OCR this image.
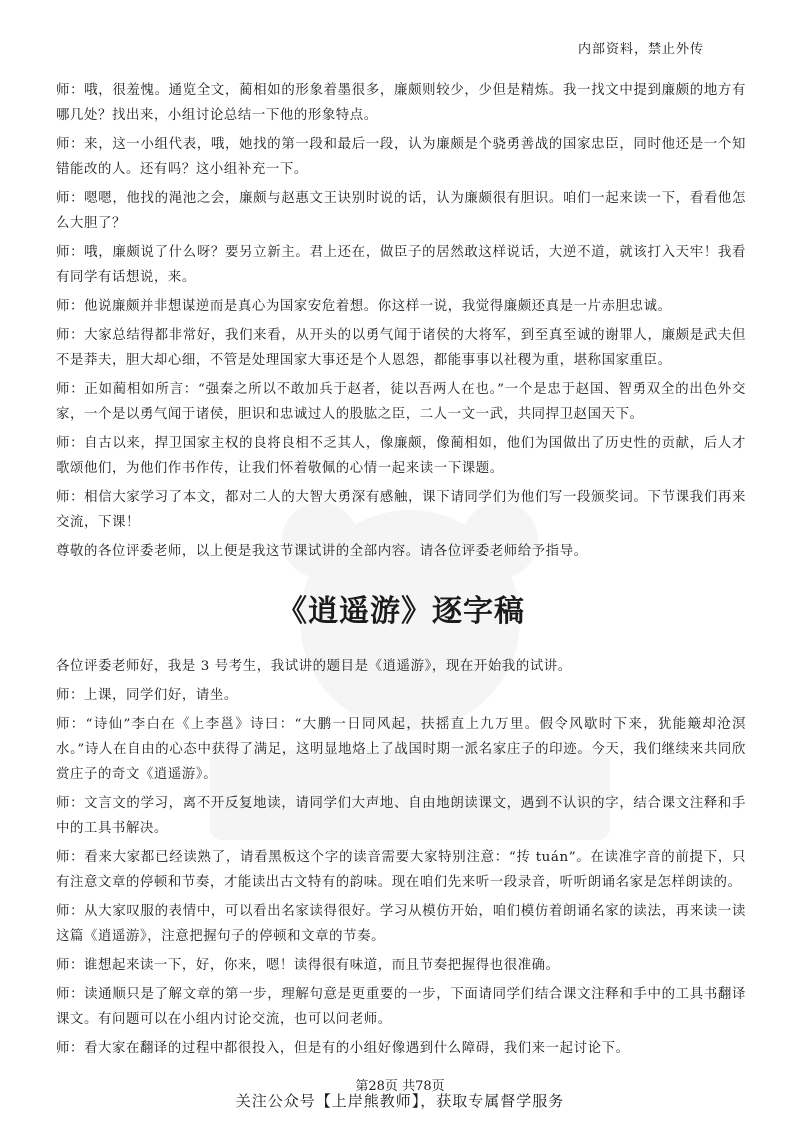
内部资料，禁止外传

师：哦，很羞愧。通览全文，蔺相如的形象着墨很多，廉颇则较少，少但是精炼。我一找文中提到廉颇的地方有哪几处？找出来，小组讨论总结一下他的形象特点。

师：来，这一小组代表，哦，她找的第一段和最后一段，认为廉颇是个骁勇善战的国家忠臣，同时他还是一个知错能改的人。还有吗？这小组补充一下。

师：嗯嗯，他找的渑池之会，廉颇与赵惠文王诀别时说的话，认为廉颇很有胆识。咱们一起来读一下，看看他怎么大胆了？

师：哦，廉颇说了什么呀？要另立新主。君上还在，做臣子的居然敢这样说话，大逆不道，就该打入天牢！我看有同学有话想说，来。

师：他说廉颇并非想谋逆而是真心为国家安危着想。你这样一说，我觉得廉颇还真是一片赤胆忠诚。

师：大家总结得都非常好，我们来看，从开头的以勇气闻于诸侯的大将军，到至真至诚的谢罪人，廉颇是武夫但不是莽夫，胆大却心细，不管是处理国家大事还是个人恩怨，都能事事以社稷为重，堪称国家重臣。

师：正如蔺相如所言：“强秦之所以不敢加兵于赵者，徒以吾两人在也。”一个是忠于赵国、智勇双全的出色外交家，一个是以勇气闻于诸侯，胆识和忠诚过人的股肱之臣，二人一文一武，共同捍卫赵国天下。

师：自古以来，捍卫国家主权的良将良相不乏其人，像廉颇，像蔺相如，他们为国做出了历史性的贡献，后人才歌颂他们，为他们作书作传，让我们怀着敬佩的心情一起来读一下课题。

师：相信大家学习了本文，都对二人的大智大勇深有感触，课下请同学们为他们写一段颁奖词。下节课我们再来交流，下课！

尊敬的各位评委老师，以上便是我这节课试讲的全部内容。请各位评委老师给予指导。

《逍遥游》逐字稿

各位评委老师好，我是 3 号考生，我试讲的题目是《逍遥游》，现在开始我的试讲。

师：上课，同学们好，请坐。

师：“诗仙”李白在《上李邕》诗曰：“大鹏一日同风起，扶摇直上九万里。假令风歇时下来，犹能簸却沧溟水。”诗人在自由的心态中获得了满足，这明显地烙上了战国时期一派名家庄子的印迹。今天，我们继续来共同欣赏庄子的奇文《逍遥游》。

师：文言文的学习，离不开反复地读，请同学们大声地、自由地朗读课文，遇到不认识的字，结合课文注释和手中的工具书解决。

师：看来大家都已经读熟了，请看黑板这个字的读音需要大家特别注意：“抟 tuán”。在读准字音的前提下，只有注意文章的停顿和节奏，才能读出古文特有的韵味。现在咱们先来听一段录音，听听朗诵名家是怎样朗读的。

师：从大家叹服的表情中，可以看出名家读得很好。学习从模仿开始，咱们模仿着朗诵名家的读法，再来读一读这篇《逍遥游》，注意把握句子的停顿和文章的节奏。

师：谁想起来读一下，好，你来，嗯！读得很有味道，而且节奏把握得也很准确。

师：读通顺只是了解文章的第一步，理解句意是更重要的一步，下面请同学们结合课文注释和手中的工具书翻译课文。有问题可以在小组内讨论交流，也可以问老师。

师：看大家在翻译的过程中都很投入，但是有的小组好像遇到什么障碍，我们来一起讨论下。

第28页 共78页
关注公众号【上岸熊教师】，获取专属督学服务
